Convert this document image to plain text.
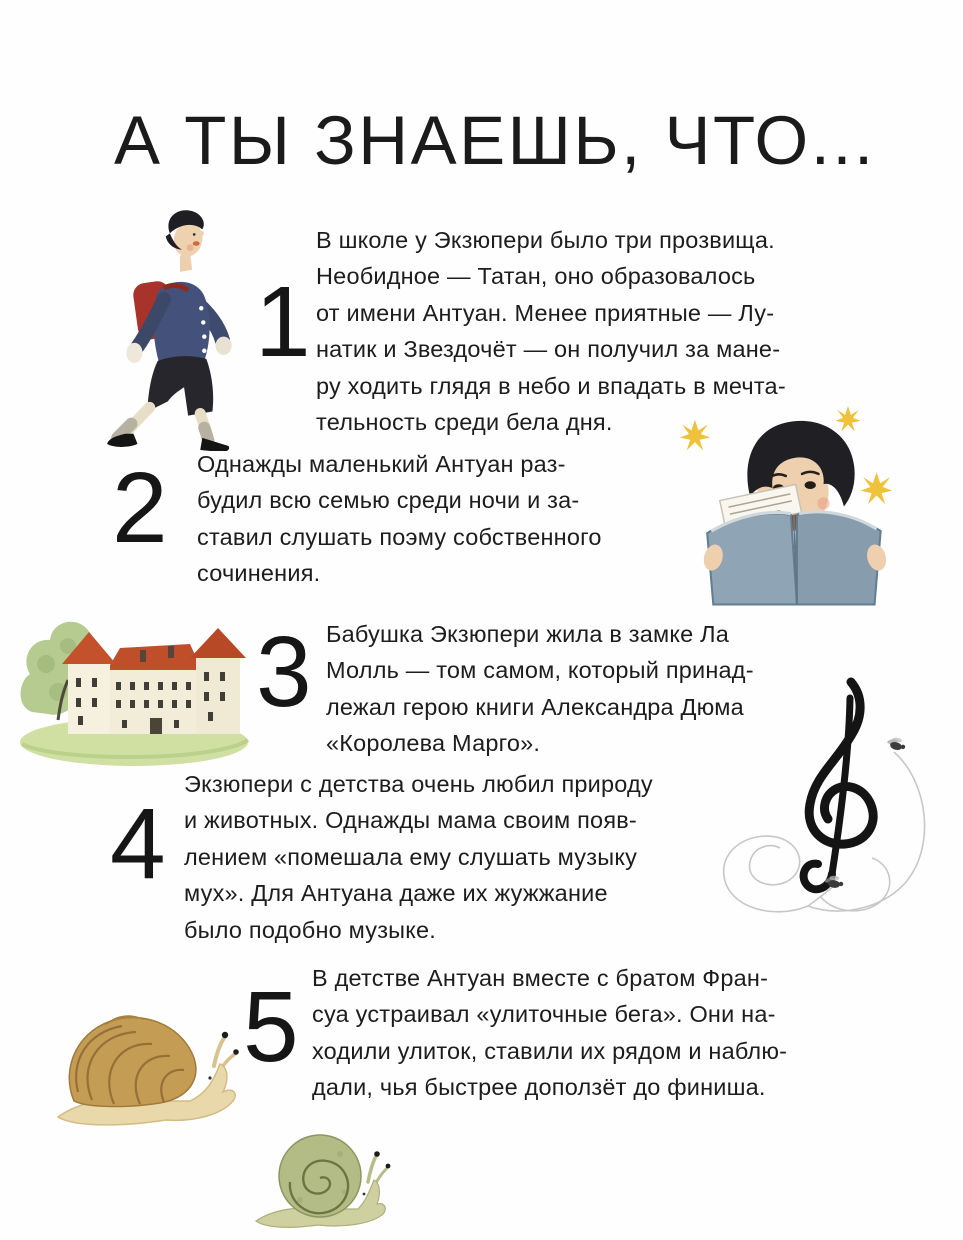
А ТЫ ЗНАЕШЬ, ЧТО...
1
В школе у Экзюпери было три прозвища.
Необидное — Татан, оно образовалось
от имени Антуан. Менее приятные — Лу-
натик и Звездочёт — он получил за мане-
ру ходить глядя в небо и впадать в мечта-
тельность среди бела дня.
2 Однажды маленький Антуан раз-
будил всю семью среди ночи и за-
ставил слушать поэму собственного
сочинения.
3 Бабушка Экзюпери жила в замке Ла
Молль — том самом, который принад-
лежал герою книги Александра Дюма
«Королева Марго».
4
Экзюпери с детства очень любил природу
и животных. Однажды мама своим появ-
лением «помешала ему слушать музыку
мух». Для Антуана даже их жужжание
было подобно музыке.
5 В детстве Антуан вместе с братом Фран-
суа устраивал «улиточные бега». Они на-
ходили улиток, ставили их рядом и наблю-
дали, чья быстрее доползёт до финиша.
